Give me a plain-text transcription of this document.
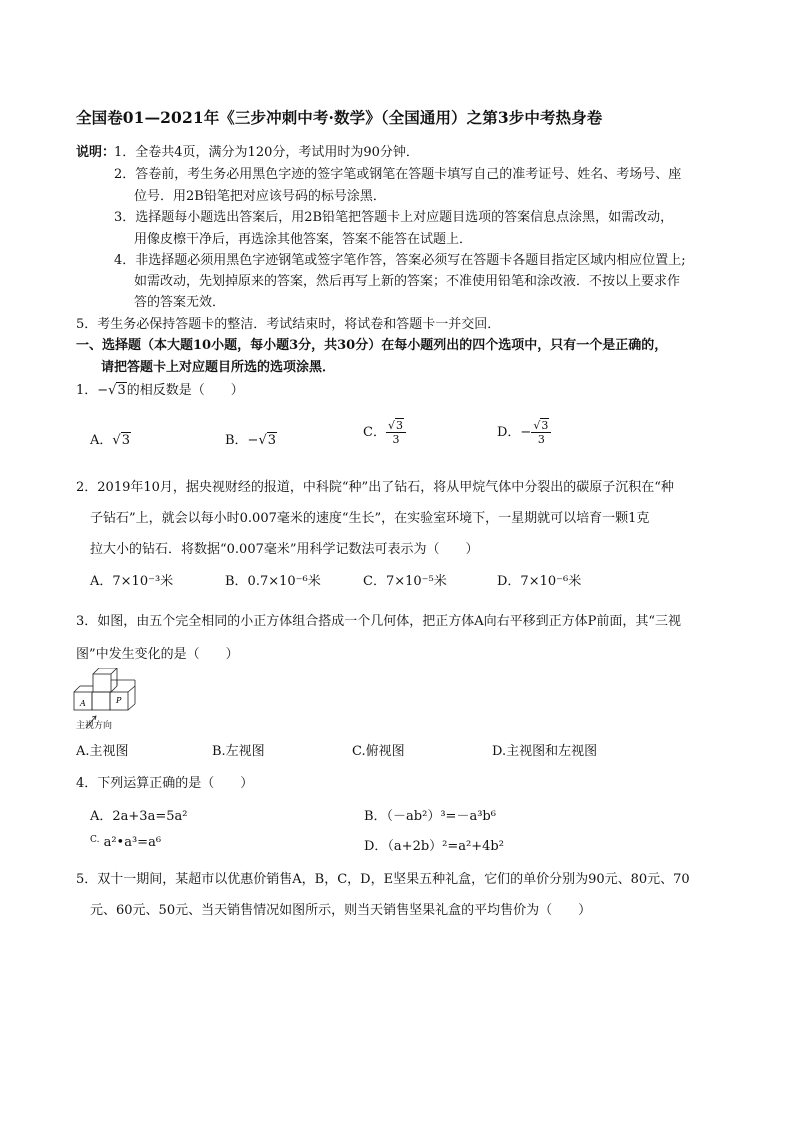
全国卷01—2021年《三步冲刺中考·数学》（全国通用）之第3步中考热身卷
说明：
1．全卷共4页，满分为120分，考试用时为90分钟．
2．答卷前，考生务必用黑色字迹的签字笔或钢笔在答题卡填写自己的准考证号、姓名、考场号、座
位号．用2B铅笔把对应该号码的标号涂黑．
3．选择题每小题选出答案后，用2B铅笔把答题卡上对应题目选项的答案信息点涂黑，如需改动，
用像皮檫干净后，再选涂其他答案，答案不能答在试题上．
4．非选择题必须用黑色字迹钢笔或签字笔作答，答案必须写在答题卡各题目指定区域内相应位置上;
如需改动，先划掉原来的答案，然后再写上新的答案；不准使用铅笔和涂改液．不按以上要求作
答的答案无效．
5．考生务必保持答题卡的整洁．考试结束时，将试卷和答题卡一并交回．
一、选择题（本大题10小题，每小题3分，共30分）在每小题列出的四个选项中，只有一个是正确的，
请把答题卡上对应题目所选的选项涂黑．
1．−√3的相反数是（　　）
A．√3	B．−√3
C． $\frac{√3}{3}$	D．− $\frac{√3}{3}$
2．2019年10月，据央视财经的报道，中科院“种”出了钻石，将从甲烷气体中分裂出的碳原子沉积在“种
子钻石”上，就会以每小时0.007毫米的速度“生长”，在实验室环境下，一星期就可以培育一颗1克
拉大小的钻石．将数据“0.007毫米”用科学记数法可表示为（　　）
A．7×10⁻³米	B．0.7×10⁻⁶米	C．7×10⁻⁵米	D．7×10⁻⁶米
3．如图，由五个完全相同的小正方体组合搭成一个几何体，把正方体A向右平移到正方体P前面，其“三视
图”中发生变化的是（　　）
A	P
主视方向
A.主视图	B.左视图	C.俯视图	D.主视图和左视图
4．下列运算正确的是（　　）
A．2a+3a=5a²	B．（－ab²）³=－a³b⁶
$^{C.}$ a²•a³=a⁶	D．（a+2b）²=a²+4b²
5．双十一期间，某超市以优惠价销售A，B，C，D，E坚果五种礼盒，它们的单价分别为90元、80元、70
元、60元、50元、当天销售情况如图所示，则当天销售坚果礼盒的平均售价为（　　）
